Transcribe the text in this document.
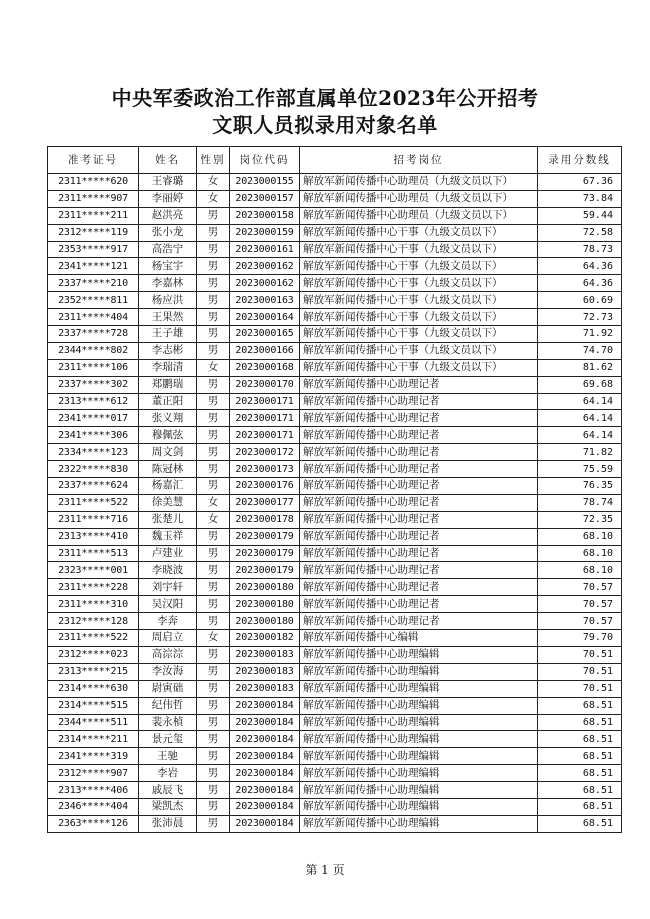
中央军委政治工作部直属单位2023年公开招考
文职人员拟录用对象名单
准考证号	姓名	性别	岗位代码	招考岗位	录用分数线
2311*****620	王睿璐	女	2023000155	解放军新闻传播中心助理员（九级文员以下）	67.36
2311*****907	李丽婷	女	2023000157	解放军新闻传播中心助理员（九级文员以下）	73.84
2311*****211	赵洪亮	男	2023000158	解放军新闻传播中心助理员（九级文员以下）	59.44
2312*****119	张小龙	男	2023000159	解放军新闻传播中心干事（九级文员以下）	72.58
2353*****917	高浩宁	男	2023000161	解放军新闻传播中心干事（九级文员以下）	78.73
2341*****121	杨宝宇	男	2023000162	解放军新闻传播中心干事（九级文员以下）	64.36
2337*****210	李嘉林	男	2023000162	解放军新闻传播中心干事（九级文员以下）	64.36
2352*****811	杨应洪	男	2023000163	解放军新闻传播中心干事（九级文员以下）	60.69
2311*****404	王果然	男	2023000164	解放军新闻传播中心干事（九级文员以下）	72.73
2337*****728	王子雄	男	2023000165	解放军新闻传播中心干事（九级文员以下）	71.92
2344*****802	李志彬	男	2023000166	解放军新闻传播中心干事（九级文员以下）	74.70
2311*****106	李瑞清	女	2023000168	解放军新闻传播中心干事（九级文员以下）	81.62
2337*****302	郑鹏瑞	男	2023000170	解放军新闻传播中心助理记者	69.68
2313*****612	董正阳	男	2023000171	解放军新闻传播中心助理记者	64.14
2341*****017	张义翔	男	2023000171	解放军新闻传播中心助理记者	64.14
2341*****306	穆佩弦	男	2023000171	解放军新闻传播中心助理记者	64.14
2334*****123	周文剑	男	2023000172	解放军新闻传播中心助理记者	71.82
2322*****830	陈冠林	男	2023000173	解放军新闻传播中心助理记者	75.59
2337*****624	杨嘉汇	男	2023000176	解放军新闻传播中心助理记者	76.35
2311*****522	徐美慧	女	2023000177	解放军新闻传播中心助理记者	78.74
2311*****716	张楚儿	女	2023000178	解放军新闻传播中心助理记者	72.35
2313*****410	魏玉祥	男	2023000179	解放军新闻传播中心助理记者	68.10
2311*****513	卢建业	男	2023000179	解放军新闻传播中心助理记者	68.10
2323*****001	李晓波	男	2023000179	解放军新闻传播中心助理记者	68.10
2311*****228	刘宇轩	男	2023000180	解放军新闻传播中心助理记者	70.57
2311*****310	吴汉阳	男	2023000180	解放军新闻传播中心助理记者	70.57
2312*****128	李奔	男	2023000180	解放军新闻传播中心助理记者	70.57
2311*****522	周启立	女	2023000182	解放军新闻传播中心编辑	79.70
2312*****023	高淙淙	男	2023000183	解放军新闻传播中心助理编辑	70.51
2313*****215	李汝海	男	2023000183	解放军新闻传播中心助理编辑	70.51
2314*****630	尉寅础	男	2023000183	解放军新闻传播中心助理编辑	70.51
2314*****515	纪伟哲	男	2023000184	解放军新闻传播中心助理编辑	68.51
2344*****511	裴永楨	男	2023000184	解放军新闻传播中心助理编辑	68.51
2314*****211	景元玺	男	2023000184	解放军新闻传播中心助理编辑	68.51
2341*****319	王驰	男	2023000184	解放军新闻传播中心助理编辑	68.51
2312*****907	李岩	男	2023000184	解放军新闻传播中心助理编辑	68.51
2313*****406	戚辰飞	男	2023000184	解放军新闻传播中心助理编辑	68.51
2346*****404	梁凯杰	男	2023000184	解放军新闻传播中心助理编辑	68.51
2363*****126	张沛晨	男	2023000184	解放军新闻传播中心助理编辑	68.51
第 1 页
